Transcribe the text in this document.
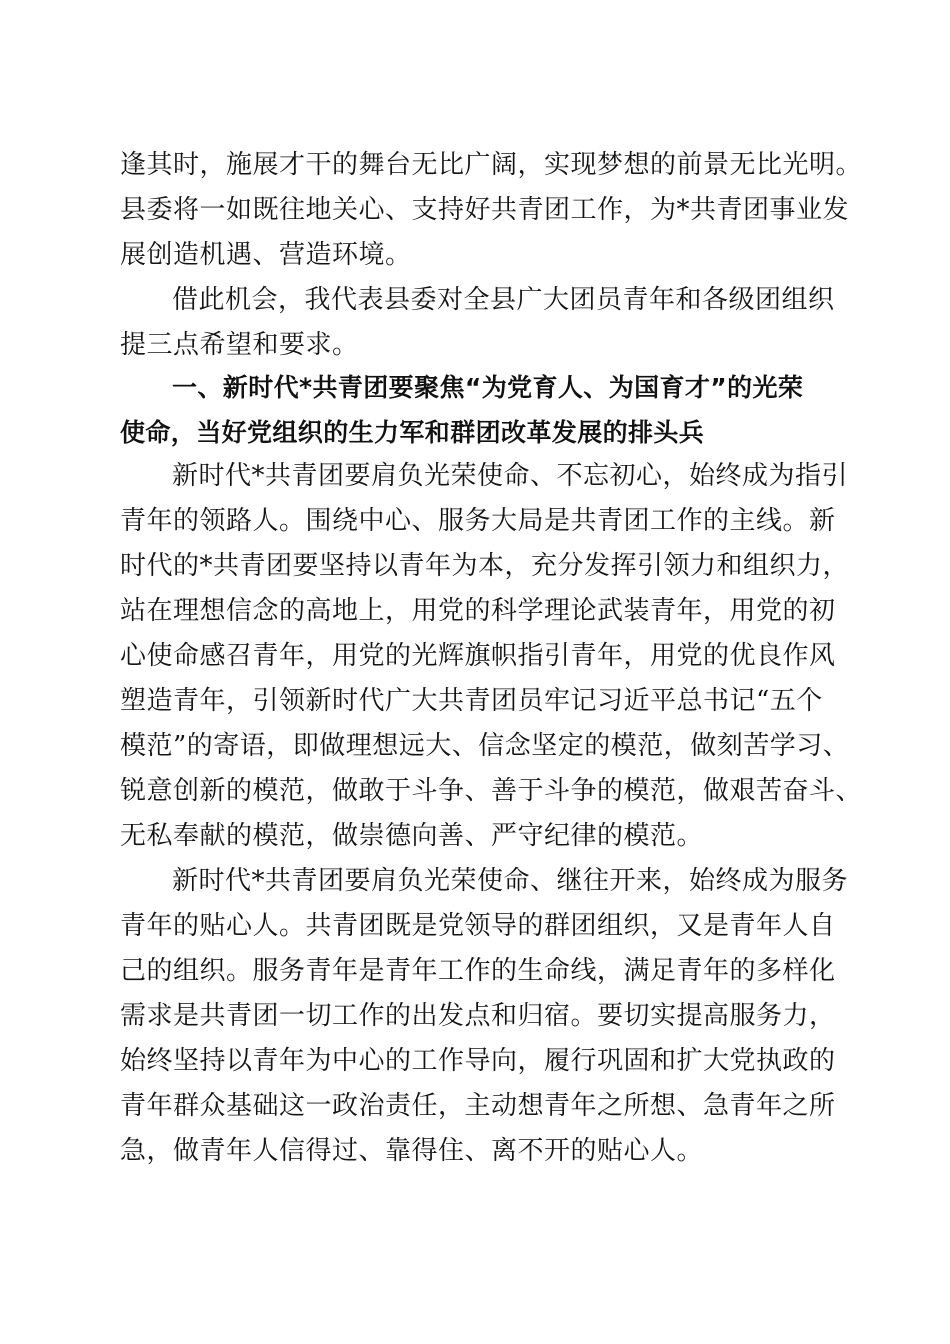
逢其时，施展才干的舞台无比广阔，实现梦想的前景无比光明。
县委将一如既往地关心、支持好共青团工作，为*共青团事业发
展创造机遇、营造环境。
借此机会，我代表县委对全县广大团员青年和各级团组织
提三点希望和要求。
一、新时代*共青团要聚焦“为党育人、为国育才”的光荣
使命，当好党组织的生力军和群团改革发展的排头兵
新时代*共青团要肩负光荣使命、不忘初心，始终成为指引
青年的领路人。围绕中心、服务大局是共青团工作的主线。新
时代的*共青团要坚持以青年为本，充分发挥引领力和组织力，
站在理想信念的高地上，用党的科学理论武装青年，用党的初
心使命感召青年，用党的光辉旗帜指引青年，用党的优良作风
塑造青年，引领新时代广大共青团员牢记习近平总书记“五个
模范”的寄语，即做理想远大、信念坚定的模范，做刻苦学习、
锐意创新的模范，做敢于斗争、善于斗争的模范，做艰苦奋斗、
无私奉献的模范，做崇德向善、严守纪律的模范。
新时代*共青团要肩负光荣使命、继往开来，始终成为服务
青年的贴心人。共青团既是党领导的群团组织，又是青年人自
己的组织。服务青年是青年工作的生命线，满足青年的多样化
需求是共青团一切工作的出发点和归宿。要切实提高服务力，
始终坚持以青年为中心的工作导向，履行巩固和扩大党执政的
青年群众基础这一政治责任，主动想青年之所想、急青年之所
急，做青年人信得过、靠得住、离不开的贴心人。
